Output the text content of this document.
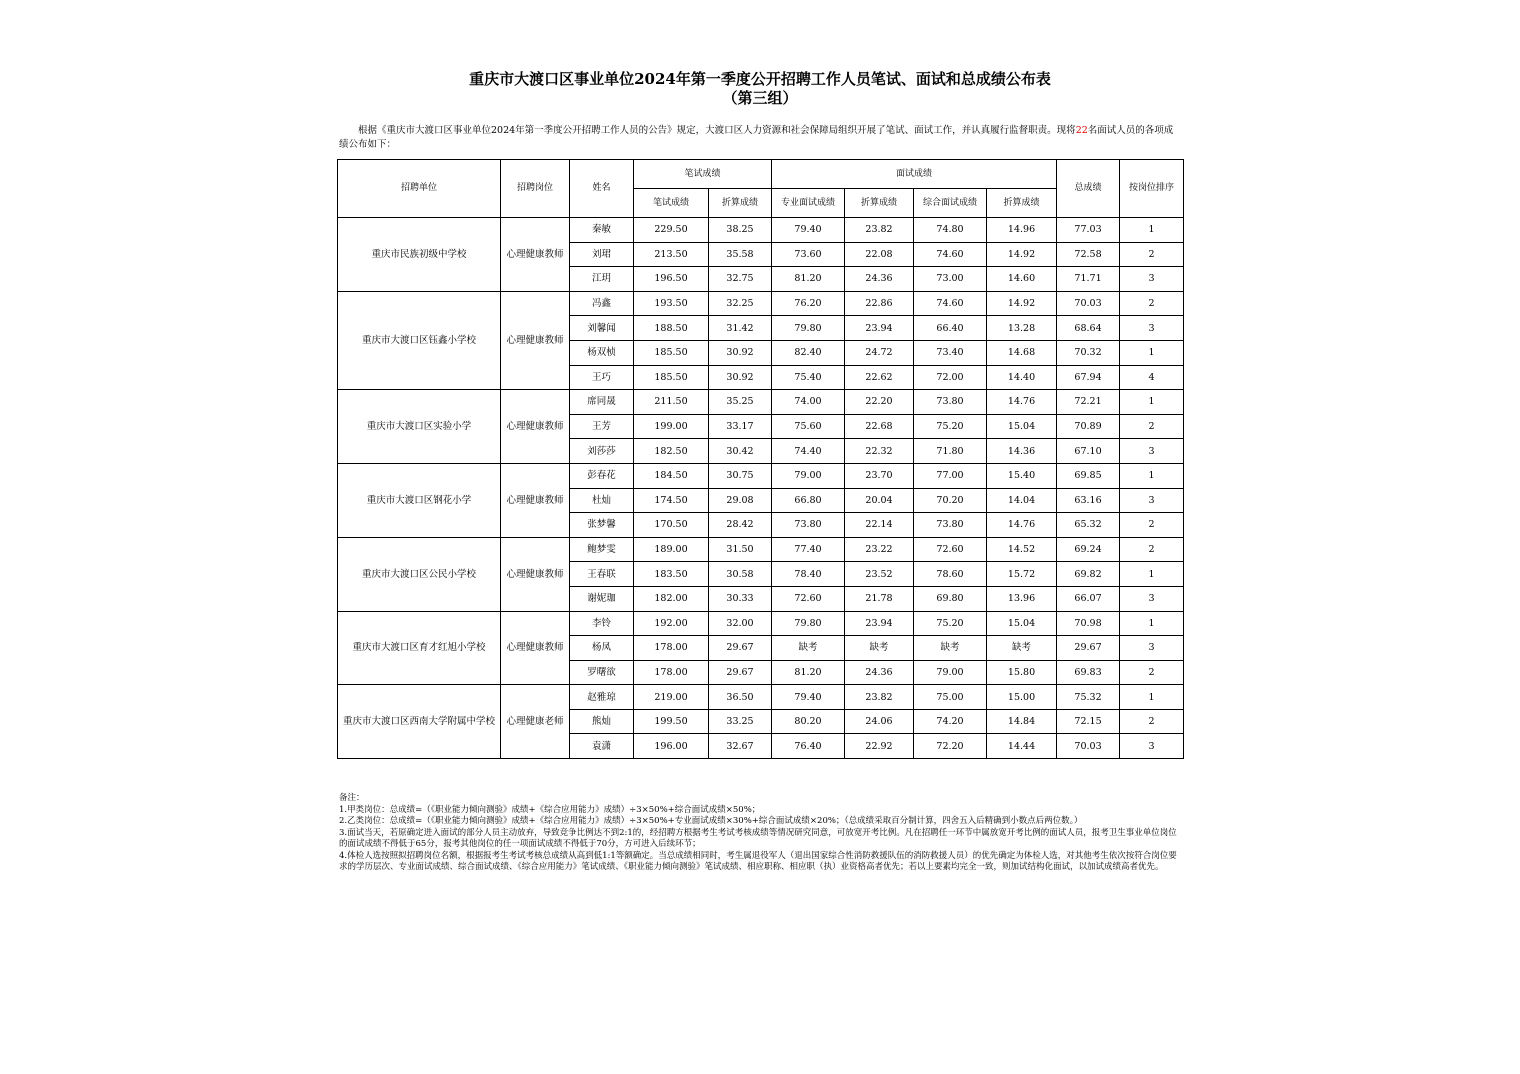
重庆市大渡口区事业单位2024年第一季度公开招聘工作人员笔试、面试和总成绩公布表
（第三组）
根据《重庆市大渡口区事业单位2024年第一季度公开招聘工作人员的公告》规定，大渡口区人力资源和社会保障局组织开展了笔试、面试工作，并认真履行监督职责。现将22名面试人员的各项成绩公布如下：
招聘单位	招聘岗位	姓名	笔试成绩		面试成绩				总成绩	按岗位排序
			笔试成绩	折算成绩	专业面试成绩	折算成绩	综合面试成绩	折算成绩		
重庆市民族初级中学校	心理健康教师	秦敏	229.50	38.25	79.40	23.82	74.80	14.96	77.03	1
		刘珺	213.50	35.58	73.60	22.08	74.60	14.92	72.58	2
		江玥	196.50	32.75	81.20	24.36	73.00	14.60	71.71	3
重庆市大渡口区钰鑫小学校	心理健康教师	冯鑫	193.50	32.25	76.20	22.86	74.60	14.92	70.03	2
		刘馨闻	188.50	31.42	79.80	23.94	66.40	13.28	68.64	3
		杨双桢	185.50	30.92	82.40	24.72	73.40	14.68	70.32	1
		王巧	185.50	30.92	75.40	22.62	72.00	14.40	67.94	4
重庆市大渡口区实验小学	心理健康教师	席同晟	211.50	35.25	74.00	22.20	73.80	14.76	72.21	1
		王芳	199.00	33.17	75.60	22.68	75.20	15.04	70.89	2
		刘莎莎	182.50	30.42	74.40	22.32	71.80	14.36	67.10	3
重庆市大渡口区钢花小学	心理健康教师	彭春花	184.50	30.75	79.00	23.70	77.00	15.40	69.85	1
		杜灿	174.50	29.08	66.80	20.04	70.20	14.04	63.16	3
		张梦馨	170.50	28.42	73.80	22.14	73.80	14.76	65.32	2
重庆市大渡口区公民小学校	心理健康教师	鲍梦雯	189.00	31.50	77.40	23.22	72.60	14.52	69.24	2
		王春联	183.50	30.58	78.40	23.52	78.60	15.72	69.82	1
		谢妮珈	182.00	30.33	72.60	21.78	69.80	13.96	66.07	3
重庆市大渡口区育才红旭小学校	心理健康教师	李铃	192.00	32.00	79.80	23.94	75.20	15.04	70.98	1
		杨凤	178.00	29.67	缺考	缺考	缺考	缺考	29.67	3
		罗曙欲	178.00	29.67	81.20	24.36	79.00	15.80	69.83	2
重庆市大渡口区西南大学附属中学校	心理健康老师	赵雅琼	219.00	36.50	79.40	23.82	75.00	15.00	75.32	1
		熊灿	199.50	33.25	80.20	24.06	74.20	14.84	72.15	2
		袁潇	196.00	32.67	76.40	22.92	72.20	14.44	70.03	3

备注：

1.甲类岗位：总成绩=（《职业能力倾向测验》成绩+《综合应用能力》成绩）÷3×50%+综合面试成绩×50%；

2.乙类岗位：总成绩=（《职业能力倾向测验》成绩+《综合应用能力》成绩）÷3×50%+专业面试成绩×30%+综合面试成绩×20%；（总成绩采取百分制计算，四舍五入后精确到小数点后两位数。）

3.面试当天，若原确定进入面试的部分人员主动放弃，导致竞争比例达不到2:1的，经招聘方根据考生考试考核成绩等情况研究同意，可放宽开考比例。凡在招聘任一环节中属放宽开考比例的面试人员，报考卫生事业单位岗位的面试成绩不得低于65分，报考其他岗位的任一项面试成绩不得低于70分，方可进入后续环节；

4.体检人选按照拟招聘岗位名额，根据报考生考试考核总成绩从高到低1:1等额确定。当总成绩相同时，考生属退役军人（退出国家综合性消防救援队伍的消防救援人员）的优先确定为体检人选，对其他考生依次按符合岗位要求的学历层次、专业面试成绩、综合面试成绩、《综合应用能力》笔试成绩、《职业能力倾向测验》笔试成绩、相应职称、相应职（执）业资格高者优先；若以上要素均完全一致，则加试结构化面试，以加试成绩高者优先。
